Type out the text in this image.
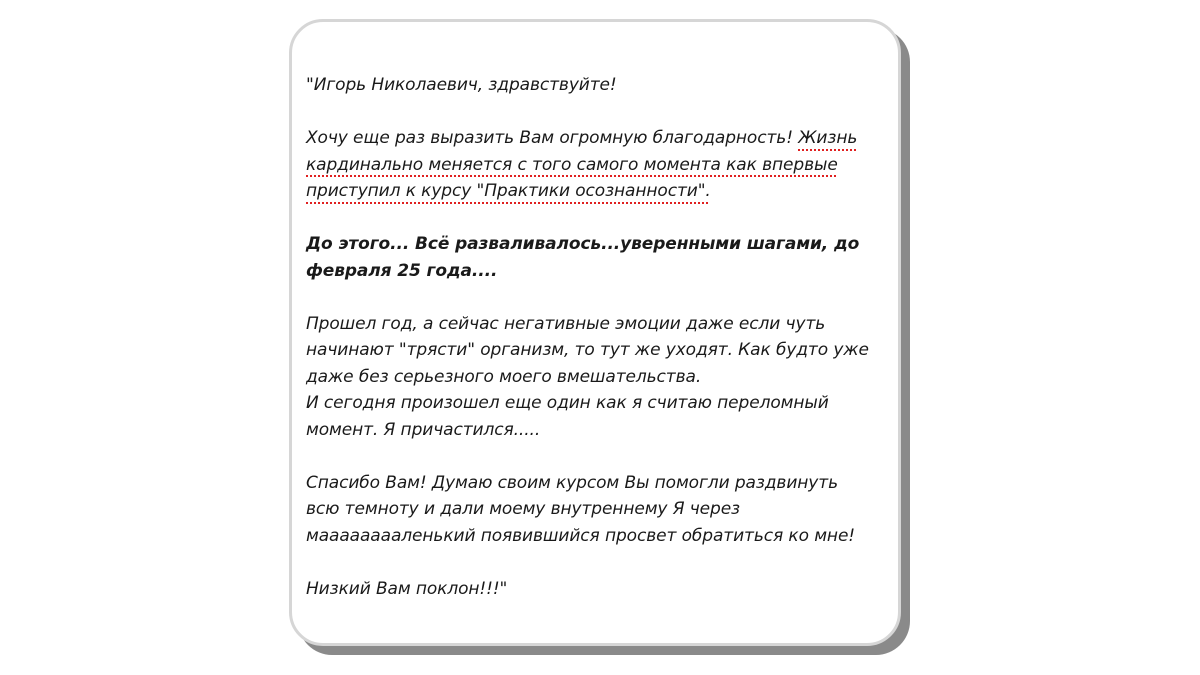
"Игорь Николаевич, здравствуйте!

Хочу еще раз выразить Вам огромную благодарность! Жизнь кардинально меняется с того самого момента как впервые приступил к курсу "Практики осознанности".

До этого... Всё разваливалось...уверенными шагами, до
февраля 25 года....

Прошел год, а сейчас негативные эмоции даже если чуть
начинают "трясти" организм, то тут же уходят. Как будто уже
даже без серьезного моего вмешательства.
И сегодня произошел еще один как я считаю переломный
момент. Я причастился.....

Спасибо Вам! Думаю своим курсом Вы помогли раздвинуть
всю темноту и дали моему внутреннему Я через
мааааааааленький появившийся просвет обратиться ко мне!

Низкий Вам поклон!!!"
